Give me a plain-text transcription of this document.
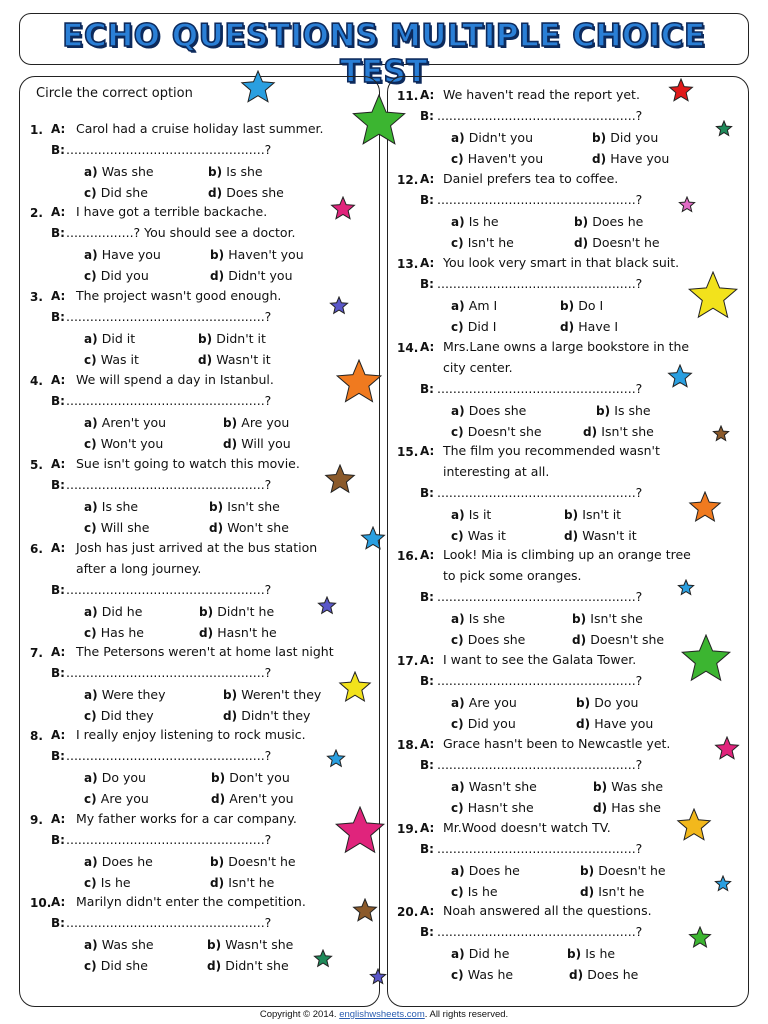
ECHO QUESTIONS MULTIPLE CHOICE TEST
Circle the correct option
1. A: Carol had a cruise holiday last summer.
B: ..................................................?
a) Was she	b) Is she
c) Did she	d) Does she
2. A: I have got a terrible backache.
B: .................? You should see a doctor.
a) Have you	b) Haven't you
c) Did you	d) Didn't you
3. A: The project wasn't good enough.
B: ..................................................?
a) Did it	b) Didn't it
c) Was it	d) Wasn't it
4. A: We will spend a day in Istanbul.
B: ..................................................?
a) Aren't you	b) Are you
c) Won't you	d) Will you
5. A: Sue isn't going to watch this movie.
B: ..................................................?
a) Is she	b) Isn't she
c) Will she	d) Won't she
6. A: Josh has just arrived at the bus station
after a long journey.
B: ..................................................?
a) Did he	b) Didn't he
c) Has he	d) Hasn't he
7. A: The Petersons weren't at home last night
B: ..................................................?
a) Were they	b) Weren't they
c) Did they	d) Didn't they
8. A: I really enjoy listening to rock music.
B: ..................................................?
a) Do you	b) Don't you
c) Are you	d) Aren't you
9. A: My father works for a car company.
B: ..................................................?
a) Does he	b) Doesn't he
c) Is he	d) Isn't he
10. A: Marilyn didn't enter the competition.
B: ..................................................?
a) Was she	b) Wasn't she
c) Did she	d) Didn't she
11. A: We haven't read the report yet.
B: ..................................................?
a) Didn't you	b) Did you
c) Haven't you	d) Have you
12. A: Daniel prefers tea to coffee.
B: ..................................................?
a) Is he	b) Does he
c) Isn't he	d) Doesn't he
13. A: You look very smart in that black suit.
B: ..................................................?
a) Am I	b) Do I
c) Did I	d) Have I
14. A: Mrs.Lane owns a large bookstore in the
city center.
B: ..................................................?
a) Does she	b) Is she
c) Doesn't she	d) Isn't she
15. A: The film you recommended wasn't
interesting at all.
B: ..................................................?
a) Is it	b) Isn't it
c) Was it	d) Wasn't it
16. A: Look! Mia is climbing up an orange tree
to pick some oranges.
B: ..................................................?
a) Is she	b) Isn't she
c) Does she	d) Doesn't she
17. A: I want to see the Galata Tower.
B: ..................................................?
a) Are you	b) Do you
c) Did you	d) Have you
18. A: Grace hasn't been to Newcastle yet.
B: ..................................................?
a) Wasn't she	b) Was she
c) Hasn't she	d) Has she
19. A: Mr.Wood doesn't watch TV.
B: ..................................................?
a) Does he	b) Doesn't he
c) Is he	d) Isn't he
20. A: Noah answered all the questions.
B: ..................................................?
a) Did he	b) Is he
c) Was he	d) Does he
Copyright © 2014. englishwsheets.com. All rights reserved.
